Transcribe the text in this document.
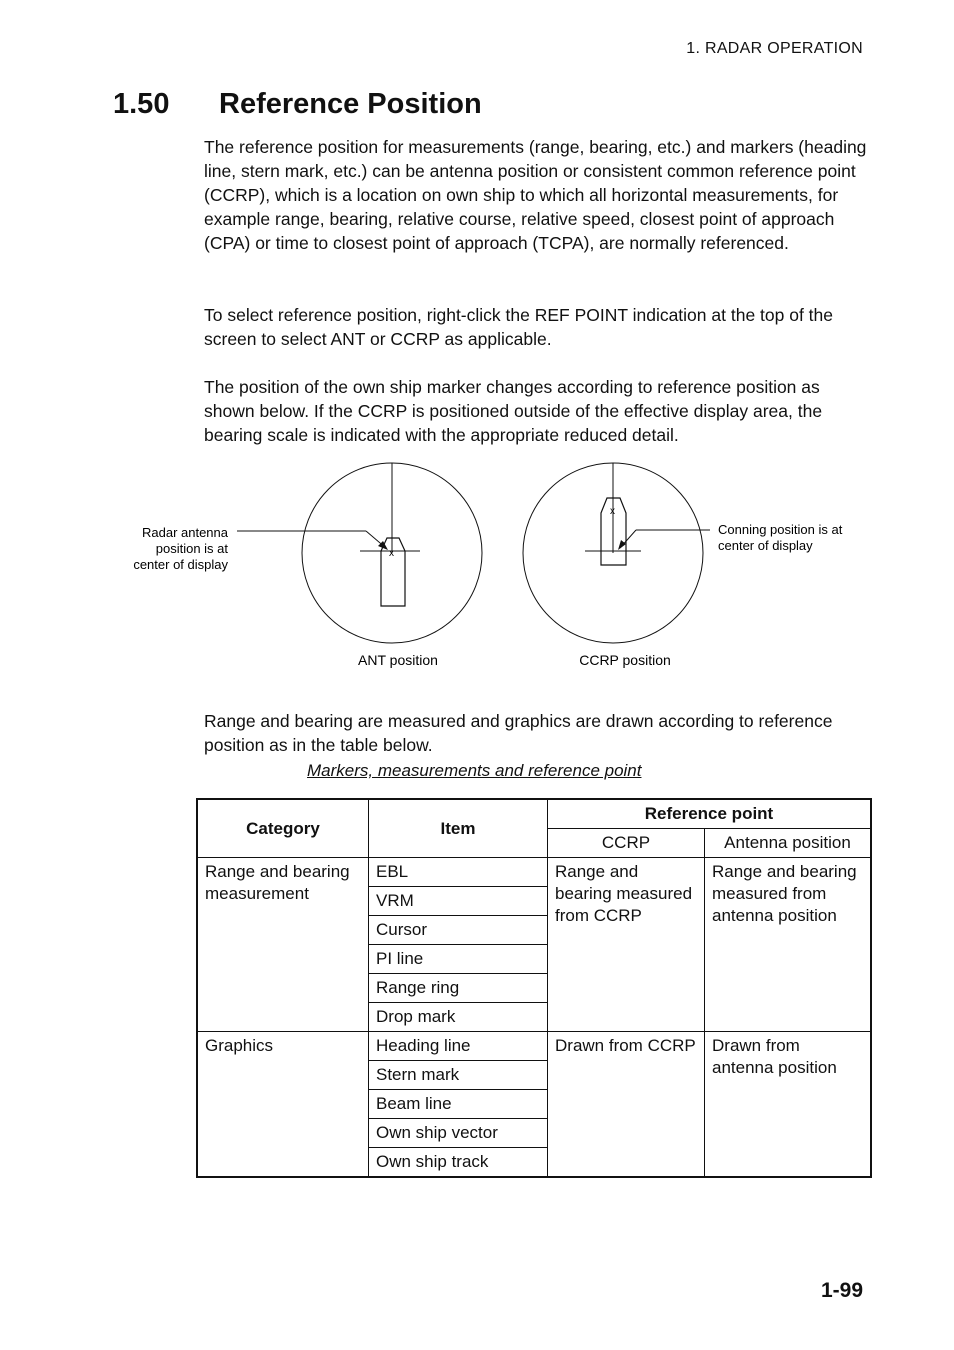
1. RADAR OPERATION
1.50 Reference Position

The reference position for measurements (range, bearing, etc.) and markers (heading line, stern mark, etc.) can be antenna position or consistent common reference point (CCRP), which is a location on own ship to which all horizontal measurements, for example range, bearing, relative course, relative speed, closest point of approach (CPA) or time to closest point of approach (TCPA), are normally referenced.

To select reference position, right-click the REF POINT indication at the top of the screen to select ANT or CCRP as applicable.

The position of the own ship marker changes according to reference position as shown below. If the CCRP is positioned outside of the effective display area, the bearing scale is indicated with the appropriate reduced detail.

x
Radar antenna
position is at
center of display
ANT position
x
Conning position is at
center of display
CCRP position

Range and bearing are measured and graphics are drawn according to reference position as in the table below.

Markers, measurements and reference point
Category	Item	Reference point	
		CCRP	Antenna position
Range and bearing measurement	EBL	Range and bearing measured from CCRP	Range and bearing measured from antenna position
	VRM		
	Cursor		
	PI line		
	Range ring		
	Drop mark		
Graphics	Heading line	Drawn from CCRP	Drawn from antenna position
	Stern mark		
	Beam line		
	Own ship vector		
	Own ship track		
1-99
